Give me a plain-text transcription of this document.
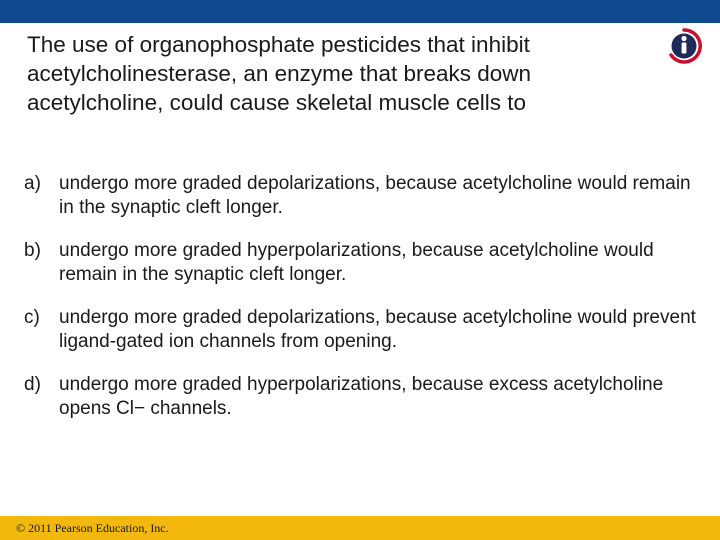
The use of organophosphate pesticides that inhibit acetylcholinesterase, an enzyme that breaks down acetylcholine, could cause skeletal muscle cells to

a) undergo more graded depolarizations, because acetylcholine would remain in the synaptic cleft longer.
b) undergo more graded hyperpolarizations, because acetylcholine would remain in the synaptic cleft longer.
c)	undergo more graded depolarizations, because acetylcholine would prevent ligand-gated ion channels from opening.
d) undergo more graded hyperpolarizations, because excess acetylcholine opens Cl− channels.
© 2011 Pearson Education, Inc.
